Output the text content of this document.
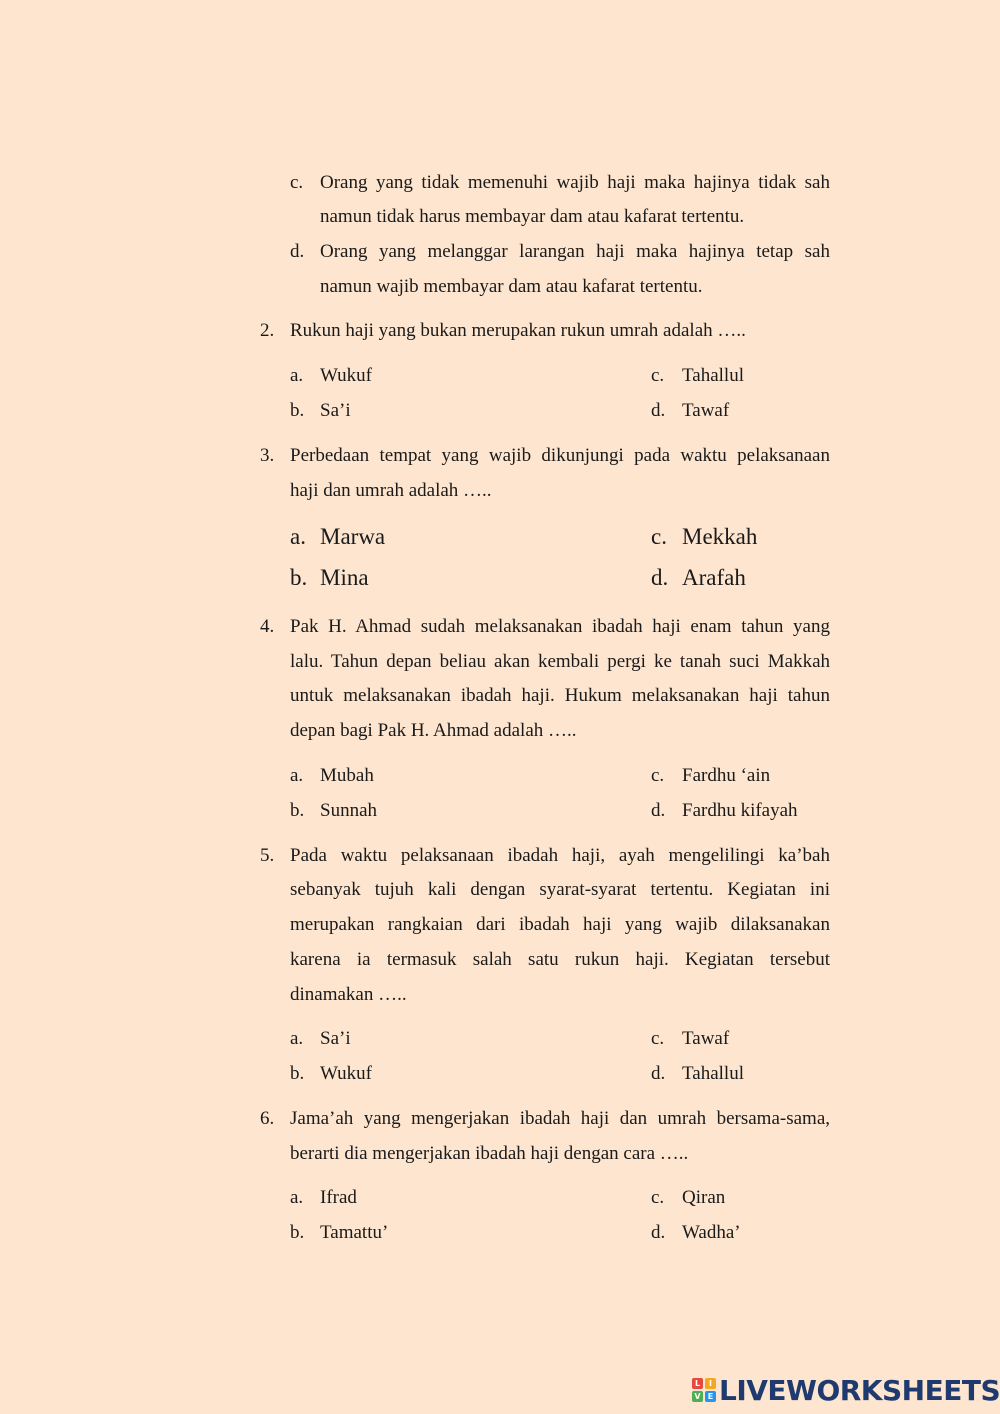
c. Orang yang tidak memenuhi wajib haji maka hajinya tidak sah
namun tidak harus membayar dam atau kafarat tertentu.
d. Orang yang melanggar larangan haji maka hajinya tetap sah
namun wajib membayar dam atau kafarat tertentu.
2. Rukun haji yang bukan merupakan rukun umrah adalah …..
a. Wukuf
b. Sa’i
c. Tahallul
d. Tawaf
3. Perbedaan tempat yang wajib dikunjungi pada waktu pelaksanaan
haji dan umrah adalah …..
a. Marwa
b. Mina
c. Mekkah
d. Arafah
4. Pak H. Ahmad sudah melaksanakan ibadah haji enam tahun yang
lalu. Tahun depan beliau akan kembali pergi ke tanah suci Makkah
untuk melaksanakan ibadah haji. Hukum melaksanakan haji tahun
depan bagi Pak H. Ahmad adalah …..
a. Mubah
b. Sunnah
c. Fardhu ‘ain
d. Fardhu kifayah
5. Pada waktu pelaksanaan ibadah haji, ayah mengelilingi ka’bah
sebanyak tujuh kali dengan syarat-syarat tertentu. Kegiatan ini
merupakan rangkaian dari ibadah haji yang wajib dilaksanakan
karena ia termasuk salah satu rukun haji. Kegiatan tersebut
dinamakan …..
a. Sa’i
b. Wukuf
c. Tawaf
d. Tahallul
6. Jama’ah yang mengerjakan ibadah haji dan umrah bersama-sama,
berarti dia mengerjakan ibadah haji dengan cara …..
a. Ifrad
b. Tamattu’
c. Qiran
d. Wadha’
L	I
V E LIVEWORKSHEETS
